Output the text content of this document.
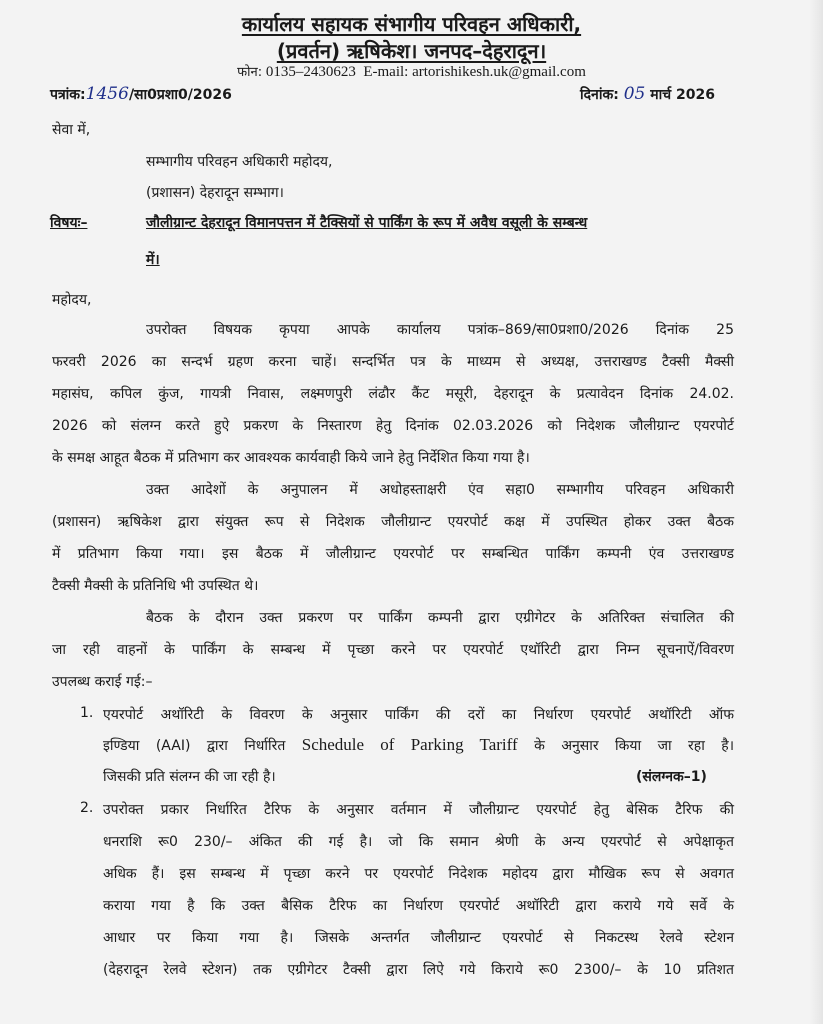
कार्यालय सहायक संभागीय परिवहन अधिकारी,
(प्रवर्तन) ऋषिकेश। जनपद–देहरादून।
फोन: 0135–2430623 E-mail: artorishikesh.uk@gmail.com
पत्रांक:1456/सा0प्रशा0/2026	दिनांक: 05 मार्च 2026
सेवा में,
सम्भागीय परिवहन अधिकारी महोदय,
(प्रशासन) देहरादून सम्भाग।
विषयः–	जौलीग्रान्ट देहरादून विमानपत्तन में टैक्सियों से पार्किंग के रूप में अवैध वसूली के सम्बन्ध
में।
महोदय,
उपरोक्त विषयक कृपया आपके कार्यालय पत्रांक–869/सा0प्रशा0/2026 दिनांक 25
फरवरी 2026 का सन्दर्भ ग्रहण करना चाहें। सन्दर्भित पत्र के माध्यम से अध्यक्ष, उत्तराखण्ड टैक्सी मैक्सी
महासंघ, कपिल कुंज, गायत्री निवास, लक्ष्मणपुरी लंढौर कैंट मसूरी, देहरादून के प्रत्यावेदन दिनांक 24.02.
2026 को संलग्न करते हुऐ प्रकरण के निस्तारण हेतु दिनांक 02.03.2026 को निदेशक जौलीग्रान्ट एयरपोर्ट
के समक्ष आहूत बैठक में प्रतिभाग कर आवश्यक कार्यवाही किये जाने हेतु निर्देशित किया गया है।
उक्त आदेशों के अनुपालन में अधोहस्ताक्षरी एंव सहा0 सम्भागीय परिवहन अधिकारी
(प्रशासन) ऋषिकेश द्वारा संयुक्त रूप से निदेशक जौलीग्रान्ट एयरपोर्ट कक्ष में उपस्थित होकर उक्त बैठक
में प्रतिभाग किया गया। इस बैठक में जौलीग्रान्ट एयरपोर्ट पर सम्बन्धित पार्किंग कम्पनी एंव उत्तराखण्ड
टैक्सी मैक्सी के प्रतिनिधि भी उपस्थित थे।
बैठक के दौरान उक्त प्रकरण पर पार्किंग कम्पनी द्वारा एग्रीगेटर के अतिरिक्त संचालित की
जा रही वाहनों के पार्किंग के सम्बन्ध में पृच्छा करने पर एयरपोर्ट एथॉरिटी द्वारा निम्न सूचनाऐं/विवरण
उपलब्ध कराई गई:–
1. एयरपोर्ट अथॉरिटी के विवरण के अनुसार पार्किंग की दरों का निर्धारण एयरपोर्ट अथॉरिटी ऑफ
इण्डिया (AAI) द्वारा निर्धारित Schedule of Parking Tariff के अनुसार किया जा रहा है।
जिसकी प्रति संलग्न की जा रही है।	(संलग्नक–1)
2. उपरोक्त प्रकार निर्धारित टैरिफ के अनुसार वर्तमान में जौलीग्रान्ट एयरपोर्ट हेतु बेसिक टैरिफ की
धनराशि रू0 230/– अंकित की गई है। जो कि समान श्रेणी के अन्य एयरपोर्ट से अपेक्षाकृत
अधिक हैं। इस सम्बन्ध में पृच्छा करने पर एयरपोर्ट निदेशक महोदय द्वारा मौखिक रूप से अवगत
कराया गया है कि उक्त बैसिक टैरिफ का निर्धारण एयरपोर्ट अथॉरिटी द्वारा कराये गये सर्वे के
आधार पर किया गया है। जिसके अन्तर्गत जौलीग्रान्ट एयरपोर्ट से निकटस्थ रेलवे स्टेशन
(देहरादून रेलवे स्टेशन) तक एग्रीगेटर टैक्सी द्वारा लिऐ गये किराये रू0 2300/– के 10 प्रतिशत
